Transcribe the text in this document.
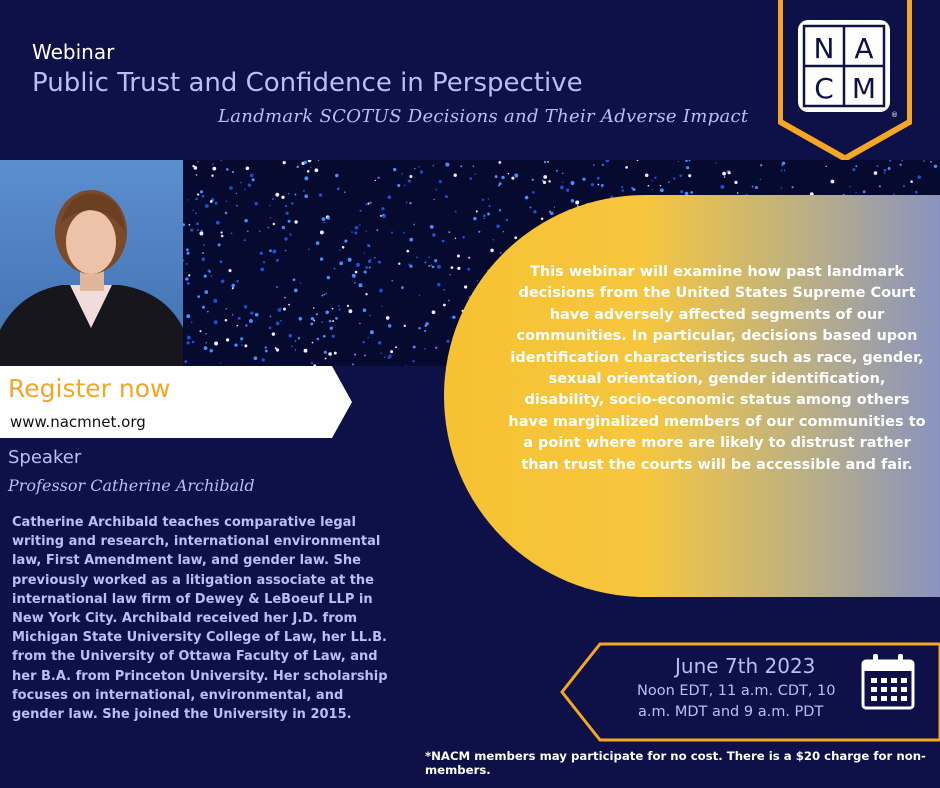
Webinar
Public Trust and Confidence in Perspective
Landmark SCOTUS Decisions and Their Adverse Impact
N A
C M
®
Register now
www.nacmnet.org
Speaker
Professor Catherine Archibald
Catherine Archibald teaches comparative legal writing and research, international environmental law, First Amendment law, and gender law. She previously worked as a litigation associate at the international law firm of Dewey & LeBoeuf LLP in New York City. Archibald received her J.D. from Michigan State University College of Law, her LL.B. from the University of Ottawa Faculty of Law, and her B.A. from Princeton University. Her scholarship focuses on international, environmental, and gender law. She joined the University in 2015.
This webinar will examine how past landmark decisions from the United States Supreme Court have adversely affected segments of our communities. In particular, decisions based upon identification characteristics such as race, gender, sexual orientation, gender identification, disability, socio-economic status among others have marginalized members of our communities to a point where more are likely to distrust rather than trust the courts will be accessible and fair.
June 7th 2023
Noon EDT, 11 a.m. CDT, 10
a.m. MDT and 9 a.m. PDT
*NACM members may participate for no cost. There is a $20 charge for non-members.
